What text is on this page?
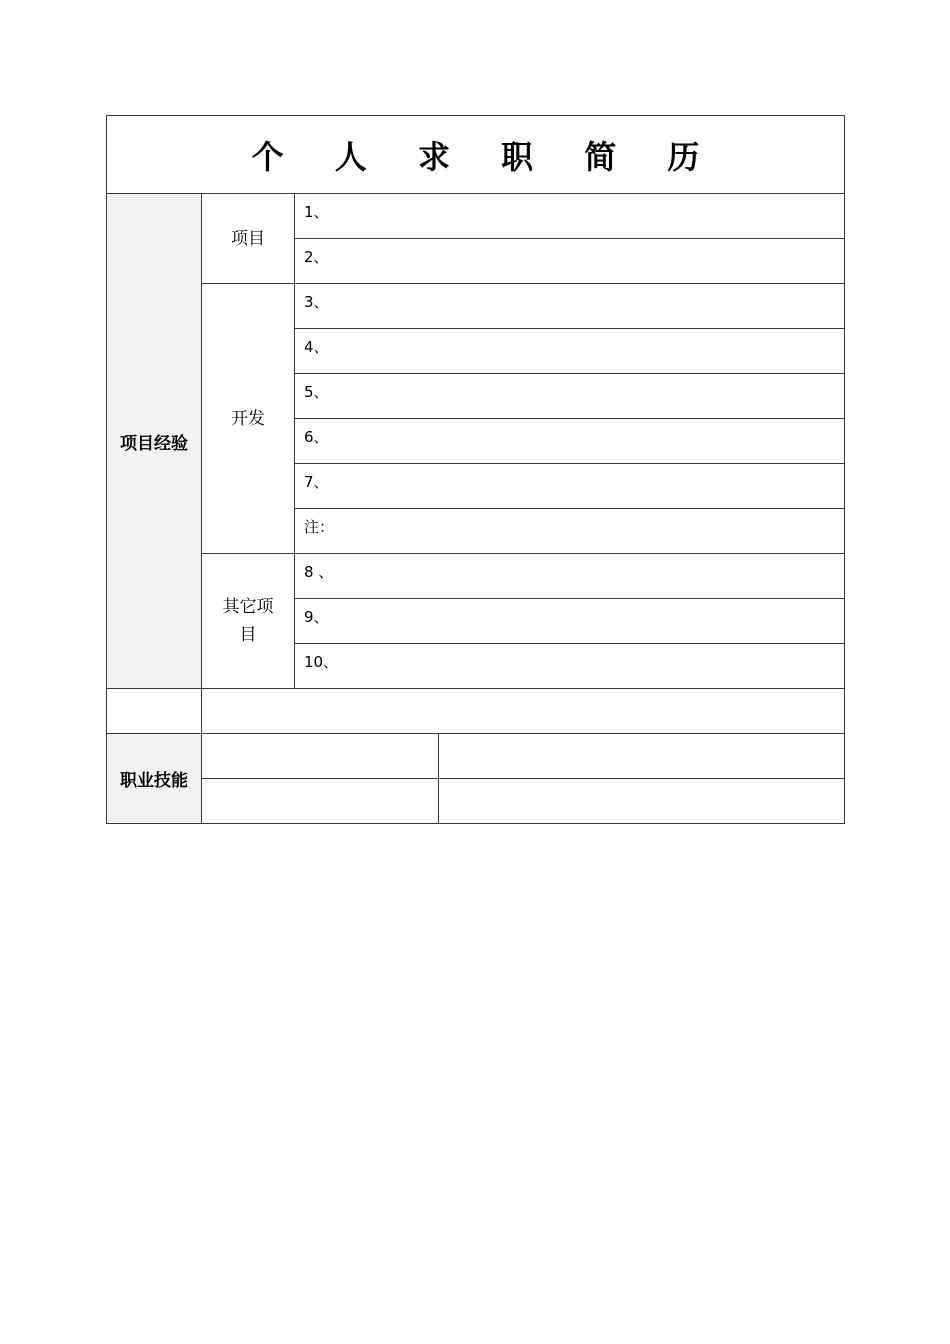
个 人 求 职 简 历			
项目经验	项目	1、	
		2、	
	开发	3、	
		4、	
		5、	
		6、	
		7、	
		注：	
	其它项目	8 、	
		9、	
		10、	

职业技能			
